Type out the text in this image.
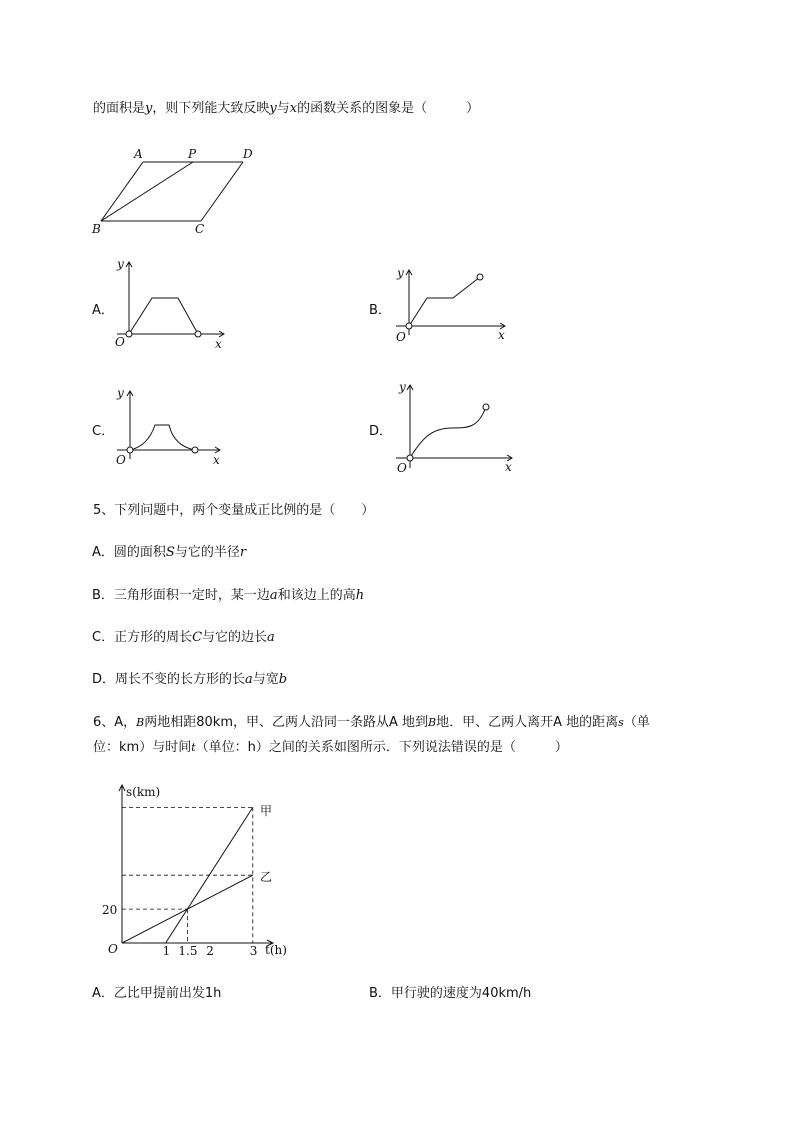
的面积是y，则下列能大致反映y与x的函数关系的图象是（　　　）
A	P	D
B	C
y
O	x
y
O	x
y
O	x
y
O	x
A．	B．
C．	D．
5、下列问题中，两个变量成正比例的是（　　）
A．圆的面积S与它的半径r
B．三角形面积一定时，某一边a和该边上的高h
C．正方形的周长C与它的边长a
D．周长不变的长方形的长a与宽b
6、A，B两地相距80km，甲、乙两人沿同一条路从A 地到B地．甲、乙两人离开A 地的距离s（单
位：km）与时间t（单位：h）之间的关系如图所示．下列说法错误的是（　　　）
s(km)
t(h)
O
20
1 1.5 2	3
甲
乙
A．乙比甲提前出发1h	B．甲行驶的速度为40km/h
